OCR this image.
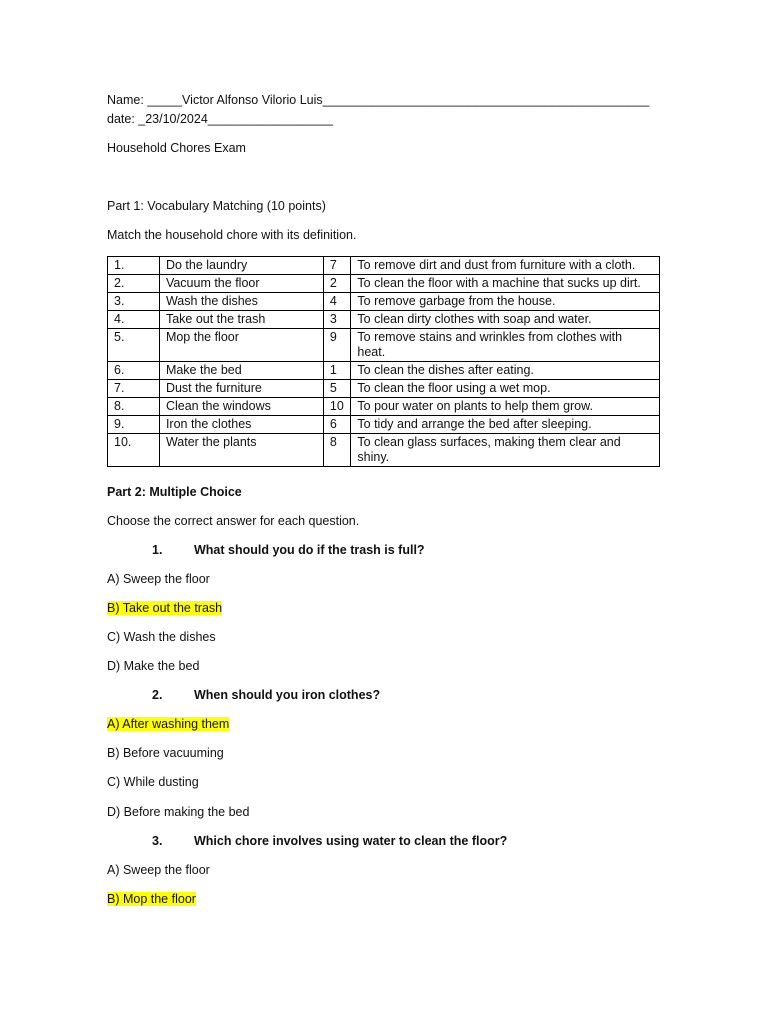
Name: _____Victor Alfonso Vilorio Luis_______________________________________________
date: _23/10/2024__________________
Household Chores Exam
Part 1: Vocabulary Matching (10 points)
Match the household chore with its definition.
1.	Do the laundry	7	To remove dirt and dust from furniture with a cloth.
2.	Vacuum the floor	2	To clean the floor with a machine that sucks up dirt.
3.	Wash the dishes	4	To remove garbage from the house.
4.	Take out the trash	3	To clean dirty clothes with soap and water.
5.	Mop the floor	9	To remove stains and wrinkles from clothes with heat.
6.	Make the bed	1	To clean the dishes after eating.
7.	Dust the furniture	5	To clean the floor using a wet mop.
8.	Clean the windows	10	To pour water on plants to help them grow.
9.	Iron the clothes	6	To tidy and arrange the bed after sleeping.
10.	Water the plants	8	To clean glass surfaces, making them clear and shiny.
Part 2: Multiple Choice
Choose the correct answer for each question.
1.	What should you do if the trash is full?
A) Sweep the floor
B) Take out the trash
C) Wash the dishes
D) Make the bed
2.	When should you iron clothes?
A) After washing them
B) Before vacuuming
C) While dusting
D) Before making the bed
3.	Which chore involves using water to clean the floor?
A) Sweep the floor
B) Mop the floor
